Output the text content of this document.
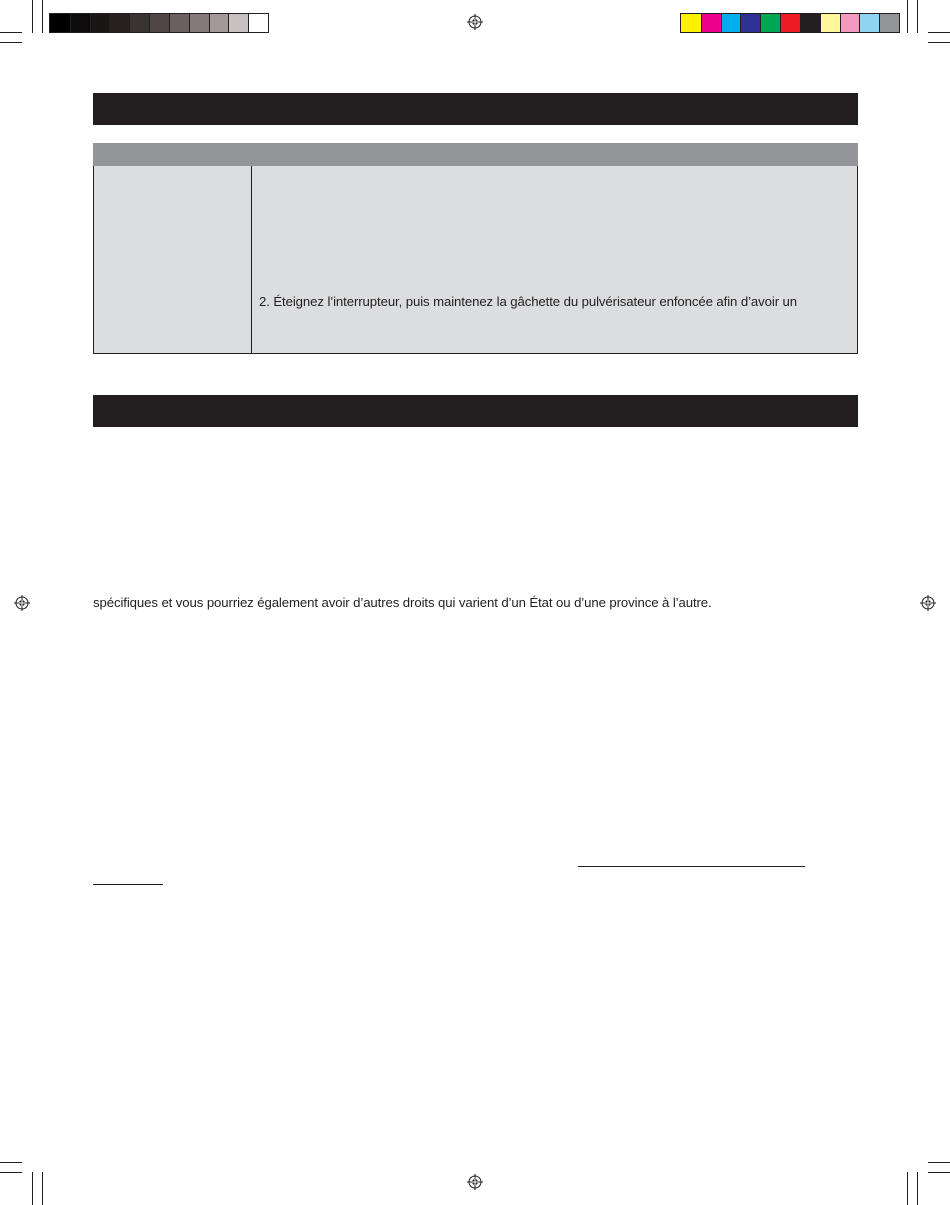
2. Éteignez l’interrupteur, puis maintenez la gâchette du pulvérisateur enfoncée afin d’avoir un
spécifiques et vous pourriez également avoir d’autres droits qui varient d’un État ou d’une province à l’autre.
